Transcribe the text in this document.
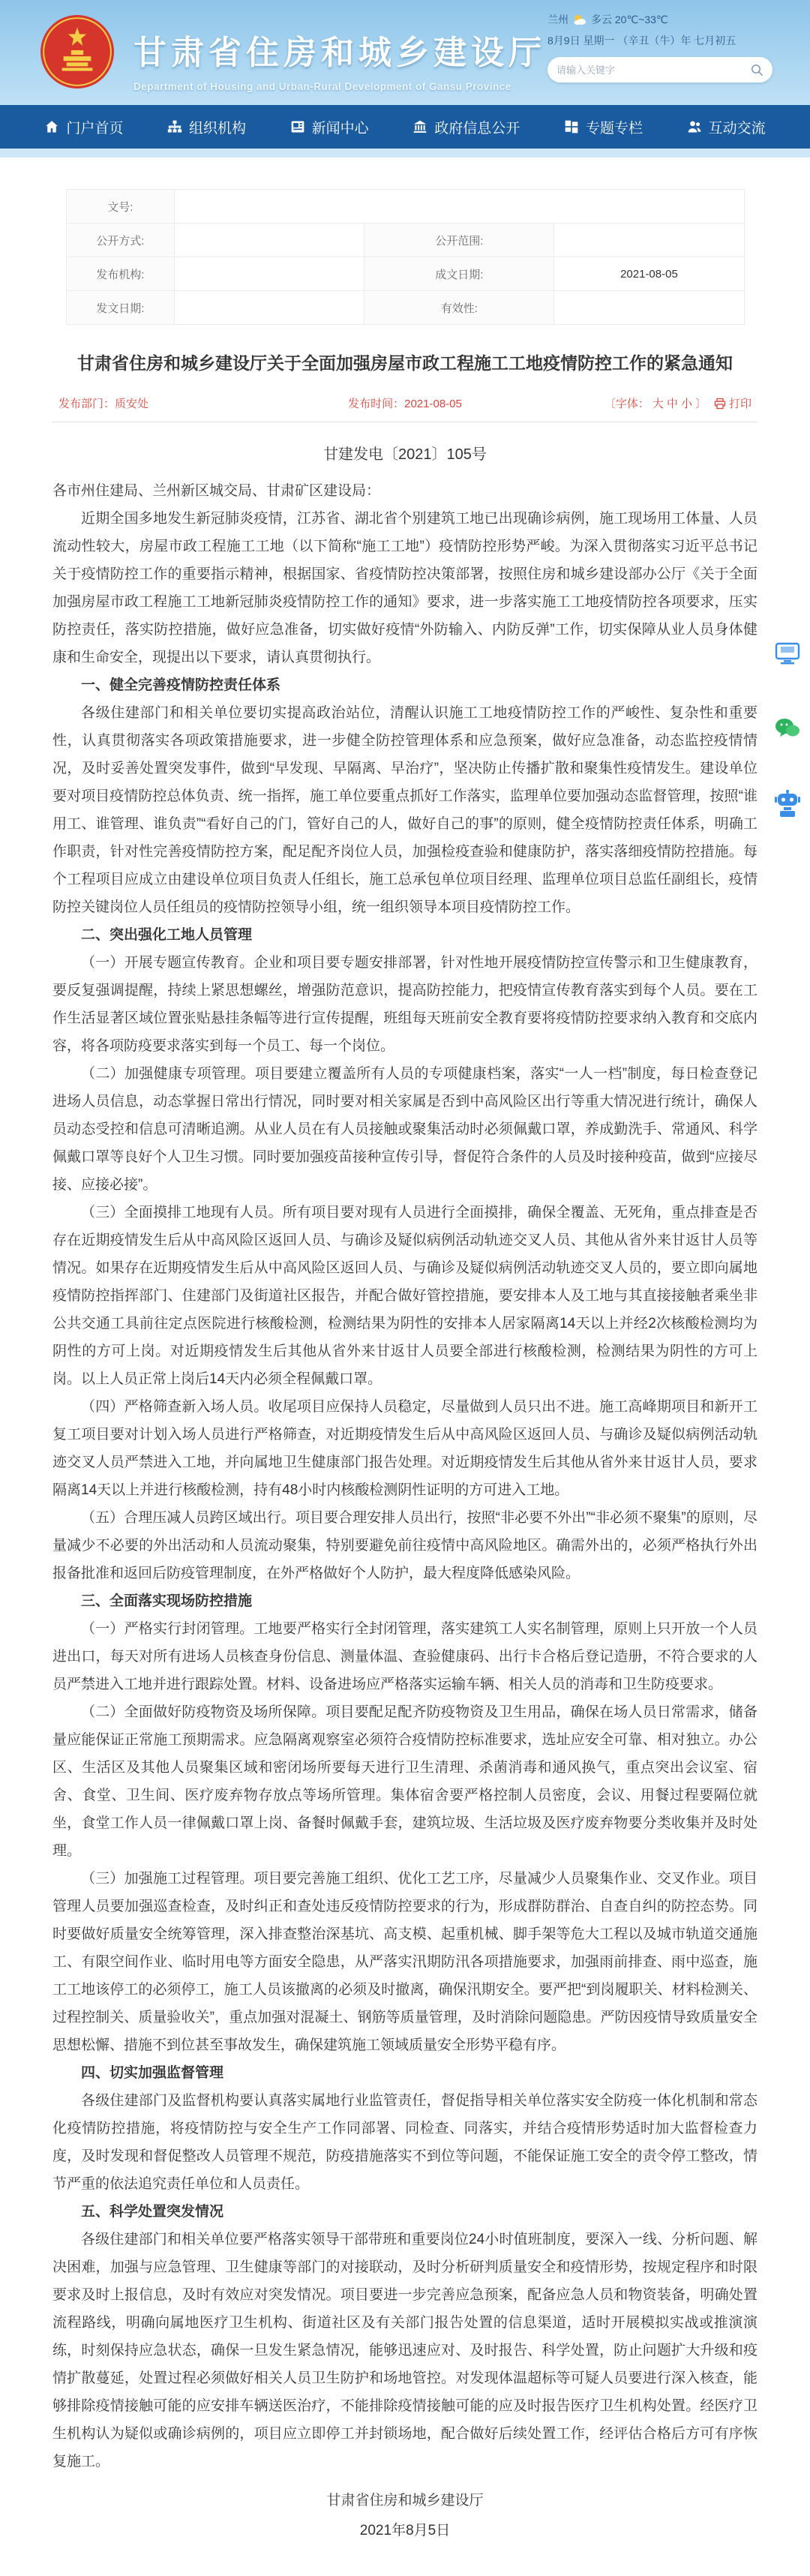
甘肃省住房和城乡建设厅
Department of Housing and Urban-Rural Development of Gansu Province
兰州 多云 20℃~33℃
8月9日 星期一 （辛丑（牛）年 七月初五
请输入关键字
门户首页	组织机构	新闻中心	政府信息公开	专题专栏	互动交流
文号:			
公开方式:		公开范围:	
发布机构:		成文日期:	2021-08-05
发文日期:		有效性:	
甘肃省住房和城乡建设厅关于全面加强房屋市政工程施工工地疫情防控工作的紧急通知
发布部门：质安处	发布时间：2021-08-05	〔字体： 大 中 小 〕 打印
甘建发电〔2021〕105号

各市州住建局、兰州新区城交局、甘肃矿区建设局：

近期全国多地发生新冠肺炎疫情，江苏省、湖北省个别建筑工地已出现确诊病例，施工现场用工体量、人员流动性较大，房屋市政工程施工工地（以下简称“施工工地”）疫情防控形势严峻。为深入贯彻落实习近平总书记关于疫情防控工作的重要指示精神，根据国家、省疫情防控决策部署，按照住房和城乡建设部办公厅《关于全面加强房屋市政工程施工工地新冠肺炎疫情防控工作的通知》要求，进一步落实施工工地疫情防控各项要求，压实防控责任，落实防控措施，做好应急准备，切实做好疫情“外防输入、内防反弹”工作，切实保障从业人员身体健康和生命安全，现提出以下要求，请认真贯彻执行。

一、健全完善疫情防控责任体系

各级住建部门和相关单位要切实提高政治站位，清醒认识施工工地疫情防控工作的严峻性、复杂性和重要性，认真贯彻落实各项政策措施要求，进一步健全防控管理体系和应急预案，做好应急准备，动态监控疫情情况，及时妥善处置突发事件，做到“早发现、早隔离、早治疗”，坚决防止传播扩散和聚集性疫情发生。建设单位要对项目疫情防控总体负责、统一指挥，施工单位要重点抓好工作落实，监理单位要加强动态监督管理，按照“谁用工、谁管理、谁负责”“看好自己的门，管好自己的人，做好自己的事”的原则，健全疫情防控责任体系，明确工作职责，针对性完善疫情防控方案，配足配齐岗位人员，加强检疫查验和健康防护，落实落细疫情防控措施。每个工程项目应成立由建设单位项目负责人任组长，施工总承包单位项目经理、监理单位项目总监任副组长，疫情防控关键岗位人员任组员的疫情防控领导小组，统一组织领导本项目疫情防控工作。

二、突出强化工地人员管理

（一）开展专题宣传教育。企业和项目要专题安排部署，针对性地开展疫情防控宣传警示和卫生健康教育，要反复强调提醒，持续上紧思想螺丝，增强防范意识，提高防控能力，把疫情宣传教育落实到每个人员。要在工作生活显著区域位置张贴悬挂条幅等进行宣传提醒，班组每天班前安全教育要将疫情防控要求纳入教育和交底内容，将各项防疫要求落实到每一个员工、每一个岗位。

（二）加强健康专项管理。项目要建立覆盖所有人员的专项健康档案，落实“一人一档”制度，每日检查登记进场人员信息，动态掌握日常出行情况，同时要对相关家属是否到中高风险区出行等重大情况进行统计，确保人员动态受控和信息可清晰追溯。从业人员在有人员接触或聚集活动时必须佩戴口罩，养成勤洗手、常通风、科学佩戴口罩等良好个人卫生习惯。同时要加强疫苗接种宣传引导，督促符合条件的人员及时接种疫苗，做到“应接尽接、应接必接”。

（三）全面摸排工地现有人员。所有项目要对现有人员进行全面摸排，确保全覆盖、无死角，重点排查是否存在近期疫情发生后从中高风险区返回人员、与确诊及疑似病例活动轨迹交叉人员、其他从省外来甘返甘人员等情况。如果存在近期疫情发生后从中高风险区返回人员、与确诊及疑似病例活动轨迹交叉人员的，要立即向属地疫情防控指挥部门、住建部门及街道社区报告，并配合做好管控措施，要安排本人及工地与其直接接触者乘坐非公共交通工具前往定点医院进行核酸检测，检测结果为阴性的安排本人居家隔离14天以上并经2次核酸检测均为阴性的方可上岗。对近期疫情发生后其他从省外来甘返甘人员要全部进行核酸检测，检测结果为阴性的方可上岗。以上人员正常上岗后14天内必须全程佩戴口罩。

（四）严格筛查新入场人员。收尾项目应保持人员稳定，尽量做到人员只出不进。施工高峰期项目和新开工复工项目要对计划入场人员进行严格筛查，对近期疫情发生后从中高风险区返回人员、与确诊及疑似病例活动轨迹交叉人员严禁进入工地，并向属地卫生健康部门报告处理。对近期疫情发生后其他从省外来甘返甘人员，要求隔离14天以上并进行核酸检测，持有48小时内核酸检测阴性证明的方可进入工地。

（五）合理压减人员跨区域出行。项目要合理安排人员出行，按照“非必要不外出”“非必须不聚集”的原则，尽量减少不必要的外出活动和人员流动聚集，特别要避免前往疫情中高风险地区。确需外出的，必须严格执行外出报备批准和返回后防疫管理制度，在外严格做好个人防护，最大程度降低感染风险。

三、全面落实现场防控措施

（一）严格实行封闭管理。工地要严格实行全封闭管理，落实建筑工人实名制管理，原则上只开放一个人员进出口，每天对所有进场人员核查身份信息、测量体温、查验健康码、出行卡合格后登记造册，不符合要求的人员严禁进入工地并进行跟踪处置。材料、设备进场应严格落实运输车辆、相关人员的消毒和卫生防疫要求。

（二）全面做好防疫物资及场所保障。项目要配足配齐防疫物资及卫生用品，确保在场人员日常需求，储备量应能保证正常施工预期需求。应急隔离观察室必须符合疫情防控标准要求，选址应安全可靠、相对独立。办公区、生活区及其他人员聚集区域和密闭场所要每天进行卫生清理、杀菌消毒和通风换气，重点突出会议室、宿舍、食堂、卫生间、医疗废弃物存放点等场所管理。集体宿舍要严格控制人员密度，会议、用餐过程要隔位就坐，食堂工作人员一律佩戴口罩上岗、备餐时佩戴手套，建筑垃圾、生活垃圾及医疗废弃物要分类收集并及时处理。

（三）加强施工过程管理。项目要完善施工组织、优化工艺工序，尽量减少人员聚集作业、交叉作业。项目管理人员要加强巡查检查，及时纠正和查处违反疫情防控要求的行为，形成群防群治、自查自纠的防控态势。同时要做好质量安全统筹管理，深入排查整治深基坑、高支模、起重机械、脚手架等危大工程以及城市轨道交通施工、有限空间作业、临时用电等方面安全隐患，从严落实汛期防汛各项措施要求，加强雨前排查、雨中巡查，施工工地该停工的必须停工，施工人员该撤离的必须及时撤离，确保汛期安全。要严把“到岗履职关、材料检测关、过程控制关、质量验收关”，重点加强对混凝土、钢筋等质量管理，及时消除问题隐患。严防因疫情导致质量安全思想松懈、措施不到位甚至事故发生，确保建筑施工领域质量安全形势平稳有序。

四、切实加强监督管理

各级住建部门及监督机构要认真落实属地行业监管责任，督促指导相关单位落实安全防疫一体化机制和常态化疫情防控措施，将疫情防控与安全生产工作同部署、同检查、同落实，并结合疫情形势适时加大监督检查力度，及时发现和督促整改人员管理不规范，防疫措施落实不到位等问题，不能保证施工安全的责令停工整改，情节严重的依法追究责任单位和人员责任。

五、科学处置突发情况

各级住建部门和相关单位要严格落实领导干部带班和重要岗位24小时值班制度，要深入一线、分析问题、解决困难，加强与应急管理、卫生健康等部门的对接联动，及时分析研判质量安全和疫情形势，按规定程序和时限要求及时上报信息，及时有效应对突发情况。项目要进一步完善应急预案，配备应急人员和物资装备，明确处置流程路线，明确向属地医疗卫生机构、街道社区及有关部门报告处置的信息渠道，适时开展模拟实战或推演演练，时刻保持应急状态，确保一旦发生紧急情况，能够迅速应对、及时报告、科学处置，防止问题扩大升级和疫情扩散蔓延，处置过程必须做好相关人员卫生防护和场地管控。对发现体温超标等可疑人员要进行深入核查，能够排除疫情接触可能的应安排车辆送医治疗，不能排除疫情接触可能的应及时报告医疗卫生机构处置。经医疗卫生机构认为疑似或确诊病例的，项目应立即停工并封锁场地，配合做好后续处置工作，经评估合格后方可有序恢复施工。

甘肃省住房和城乡建设厅
2021年8月5日
